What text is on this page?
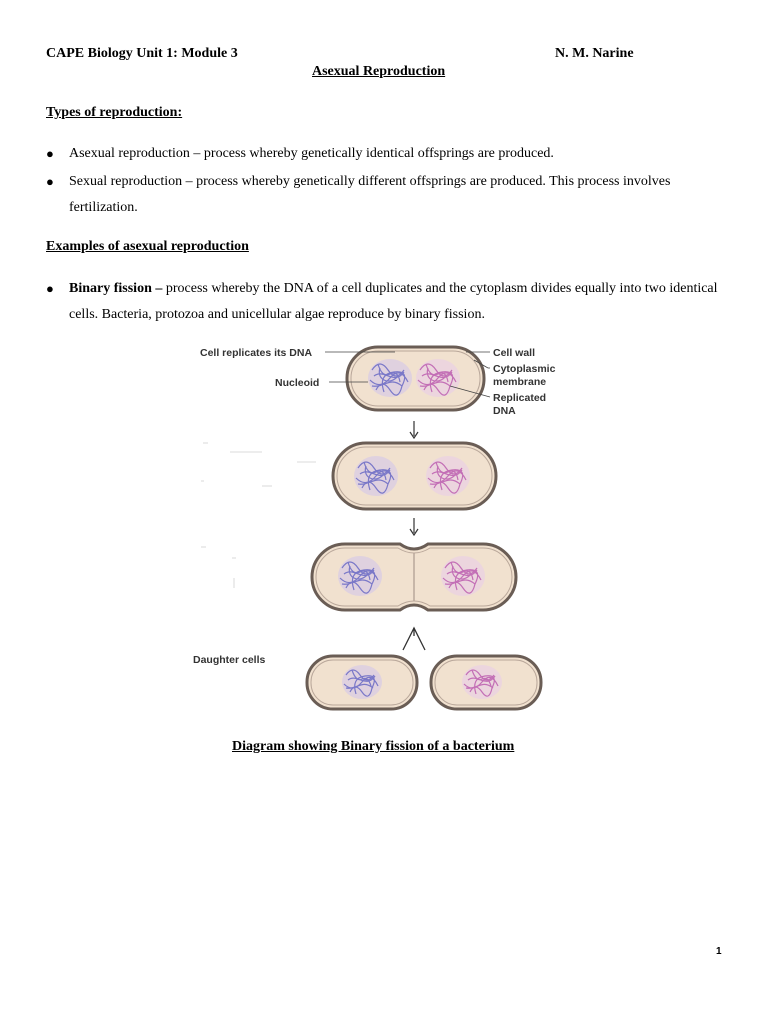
CAPE Biology Unit 1: Module 3	N. M. Narine
Asexual Reproduction
Types of reproduction:
● Asexual reproduction – process whereby genetically identical offsprings are produced.
● Sexual reproduction – process whereby genetically different offsprings are produced. This process involves fertilization.
Examples of asexual reproduction
● Binary fission – process whereby the DNA of a cell duplicates and the cytoplasm divides equally into two identical cells. Bacteria, protozoa and unicellular algae reproduce by binary fission.
Cell replicates its DNA
Nucleoid
Cell wall
Cytoplasmic
membrane
Replicated
DNA
Daughter cells
Diagram showing Binary fission of a bacterium
1
